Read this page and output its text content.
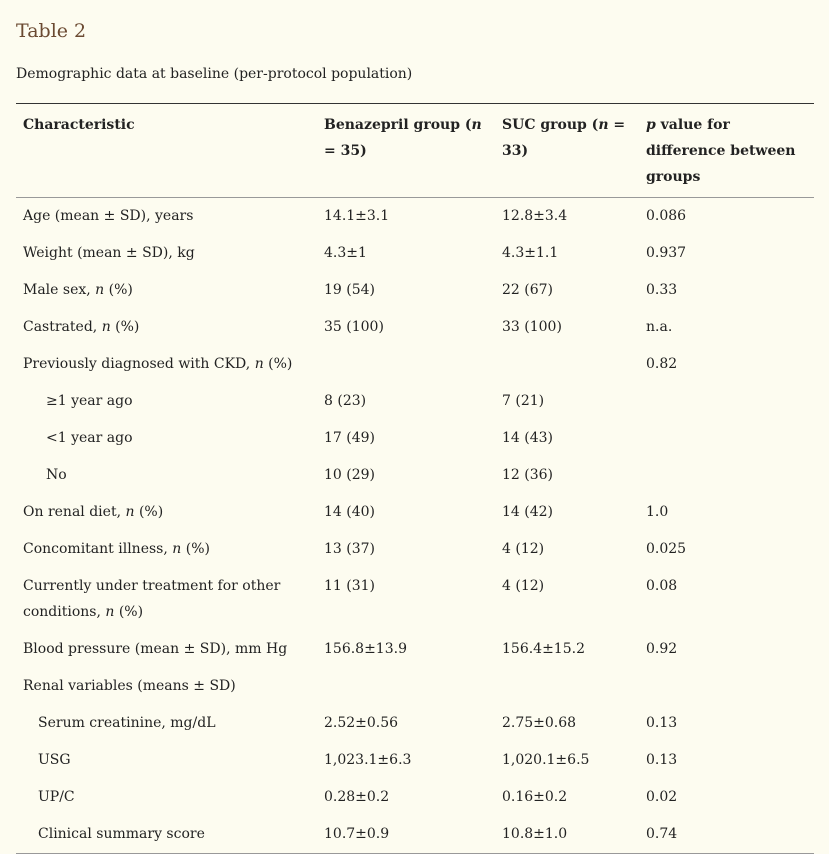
Table 2
Demographic data at baseline (per-protocol population)
Characteristic	Benazepril group (n = 35)	SUC group (n = 33)	p value for difference between groups
Age (mean ± SD), years	14.1±3.1	12.8±3.4	0.086
Weight (mean ± SD), kg	4.3±1	4.3±1.1	0.937
Male sex, n (%)	19 (54)	22 (67)	0.33
Castrated, n (%)	35 (100)	33 (100)	n.a.
Previously diagnosed with CKD, n (%)			0.82
≥1 year ago	8 (23)	7 (21)	
<1 year ago	17 (49)	14 (43)	
No	10 (29)	12 (36)	
On renal diet, n (%)	14 (40)	14 (42)	1.0
Concomitant illness, n (%)	13 (37)	4 (12)	0.025
Currently under treatment for other conditions, n (%)	11 (31)	4 (12)	0.08
Blood pressure (mean ± SD), mm Hg	156.8±13.9	156.4±15.2	0.92
Renal variables (means ± SD)			
Serum creatinine, mg/dL	2.52±0.56	2.75±0.68	0.13
USG	1,023.1±6.3	1,020.1±6.5	0.13
UP/C	0.28±0.2	0.16±0.2	0.02
Clinical summary score	10.7±0.9	10.8±1.0	0.74
